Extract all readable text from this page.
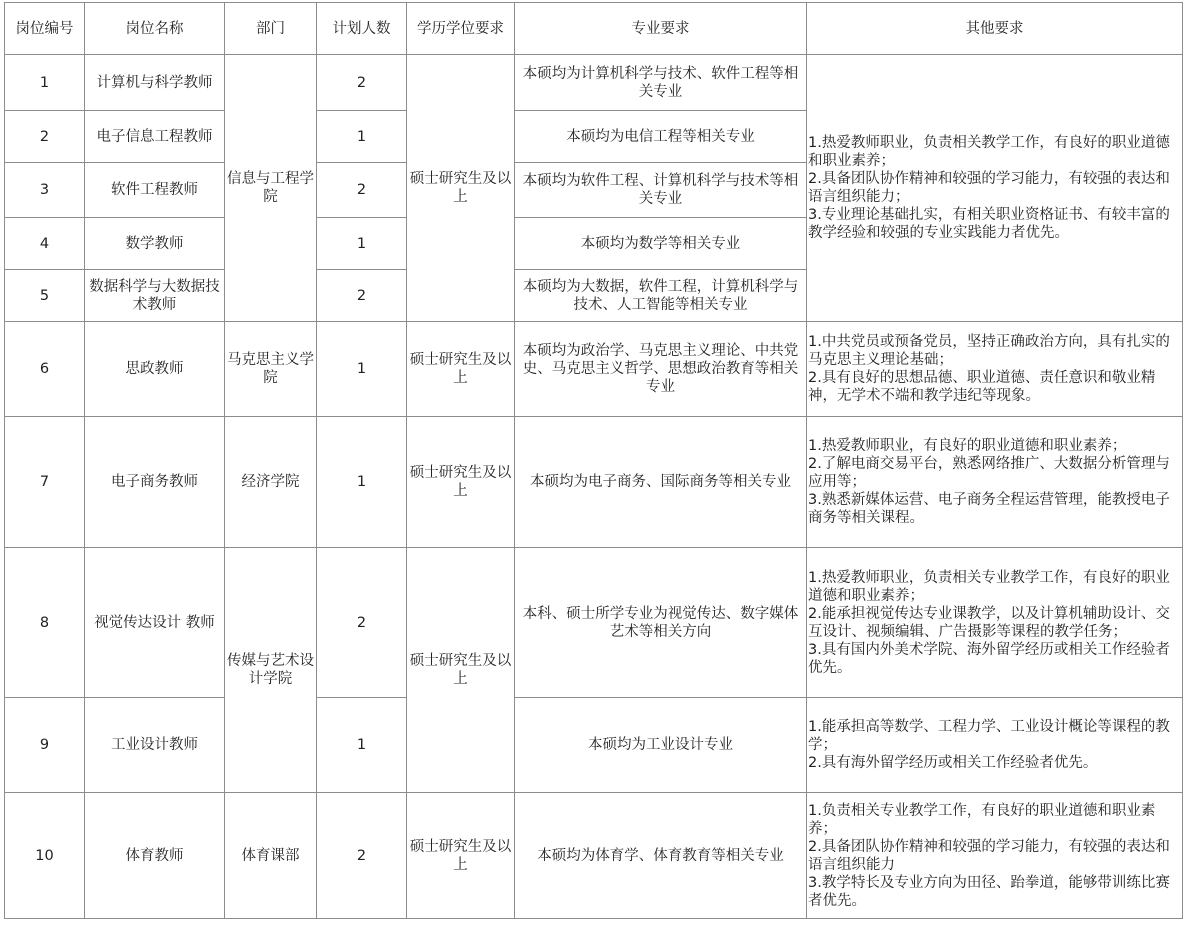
岗位编号	岗位名称	部门	计划人数	学历学位要求	专业要求	其他要求
1	计算机与科学教师	信息与工程学院	2	硕士研究生及以上	本硕均为计算机科学与技术、软件工程等相关专业	1.热爱教师职业，负责相关教学工作，有良好的职业道德和职业素养；
2.具备团队协作精神和较强的学习能力，有较强的表达和语言组织能力；
3.专业理论基础扎实，有相关职业资格证书、有较丰富的教学经验和较强的专业实践能力者优先。

2	电子信息工程教师		1		本硕均为电信工程等相关专业	
3	软件工程教师		2		本硕均为软件工程、计算机科学与技术等相关专业	
4	数学教师		1		本硕均为数学等相关专业	
5	数据科学与大数据技术教师		2		本硕均为大数据，软件工程，计算机科学与技术、人工智能等相关专业	
6	思政教师	马克思主义学院	1	硕士研究生及以上	本硕均为政治学、马克思主义理论、中共党史、马克思主义哲学、思想政治教育等相关专业	1.中共党员或预备党员，坚持正确政治方向，具有扎实的马克思主义理论基础；
2.具有良好的思想品德、职业道德、责任意识和敬业精神，无学术不端和教学违纪等现象。

7	电子商务教师	经济学院	1	硕士研究生及以上	本硕均为电子商务、国际商务等相关专业	1.热爱教师职业，有良好的职业道德和职业素养；
2.了解电商交易平台，熟悉网络推广、大数据分析管理与应用等；
3.熟悉新媒体运营、电子商务全程运营管理，能教授电子商务等相关课程。

8	视觉传达设计 教师	传媒与艺术设计学院	2	硕士研究生及以上	本科、硕士所学专业为视觉传达、数字媒体艺术等相关方向	1.热爱教师职业，负责相关专业教学工作，有良好的职业道德和职业素养；
2.能承担视觉传达专业课教学，以及计算机辅助设计、交互设计、视频编辑、广告摄影等课程的教学任务；
3.具有国内外美术学院、海外留学经历或相关工作经验者优先。

9	工业设计教师		1		本硕均为工业设计专业	1.能承担高等数学、工程力学、工业设计概论等课程的教学；
2.具有海外留学经历或相关工作经验者优先。

10	体育教师	体育课部	2	硕士研究生及以上	本硕均为体育学、体育教育等相关专业	1.负责相关专业教学工作，有良好的职业道德和职业素养；
2.具备团队协作精神和较强的学习能力，有较强的表达和语言组织能力
3.教学特长及专业方向为田径、跆拳道，能够带训练比赛者优先。
